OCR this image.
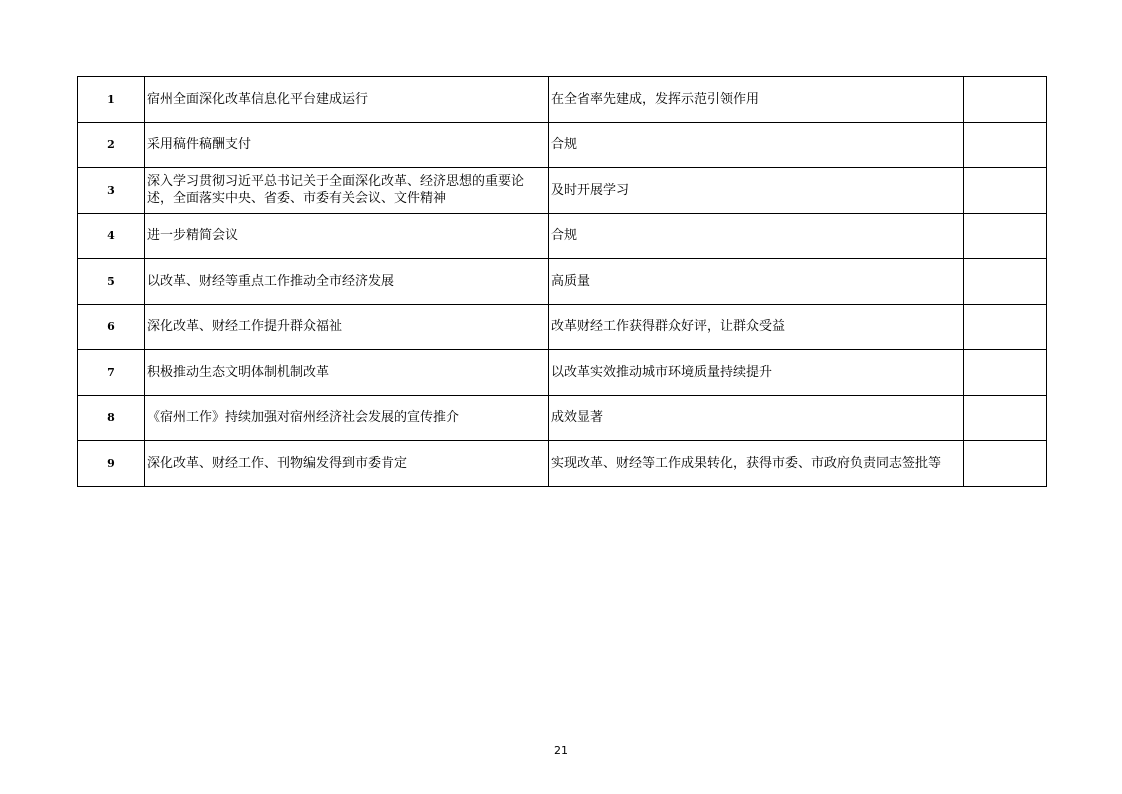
1	宿州全面深化改革信息化平台建成运行	在全省率先建成，发挥示范引领作用	
2	采用稿件稿酬支付	合规	
3	深入学习贯彻习近平总书记关于全面深化改革、经济思想的重要论述，全面落实中央、省委、市委有关会议、文件精神	及时开展学习	
4	进一步精简会议	合规	
5	以改革、财经等重点工作推动全市经济发展	高质量	
6	深化改革、财经工作提升群众福祉	改革财经工作获得群众好评，让群众受益	
7	积极推动生态文明体制机制改革	以改革实效推动城市环境质量持续提升	
8	《宿州工作》持续加强对宿州经济社会发展的宣传推介	成效显著	
9	深化改革、财经工作、刊物编发得到市委肯定	实现改革、财经等工作成果转化，获得市委、市政府负责同志签批等	
21
